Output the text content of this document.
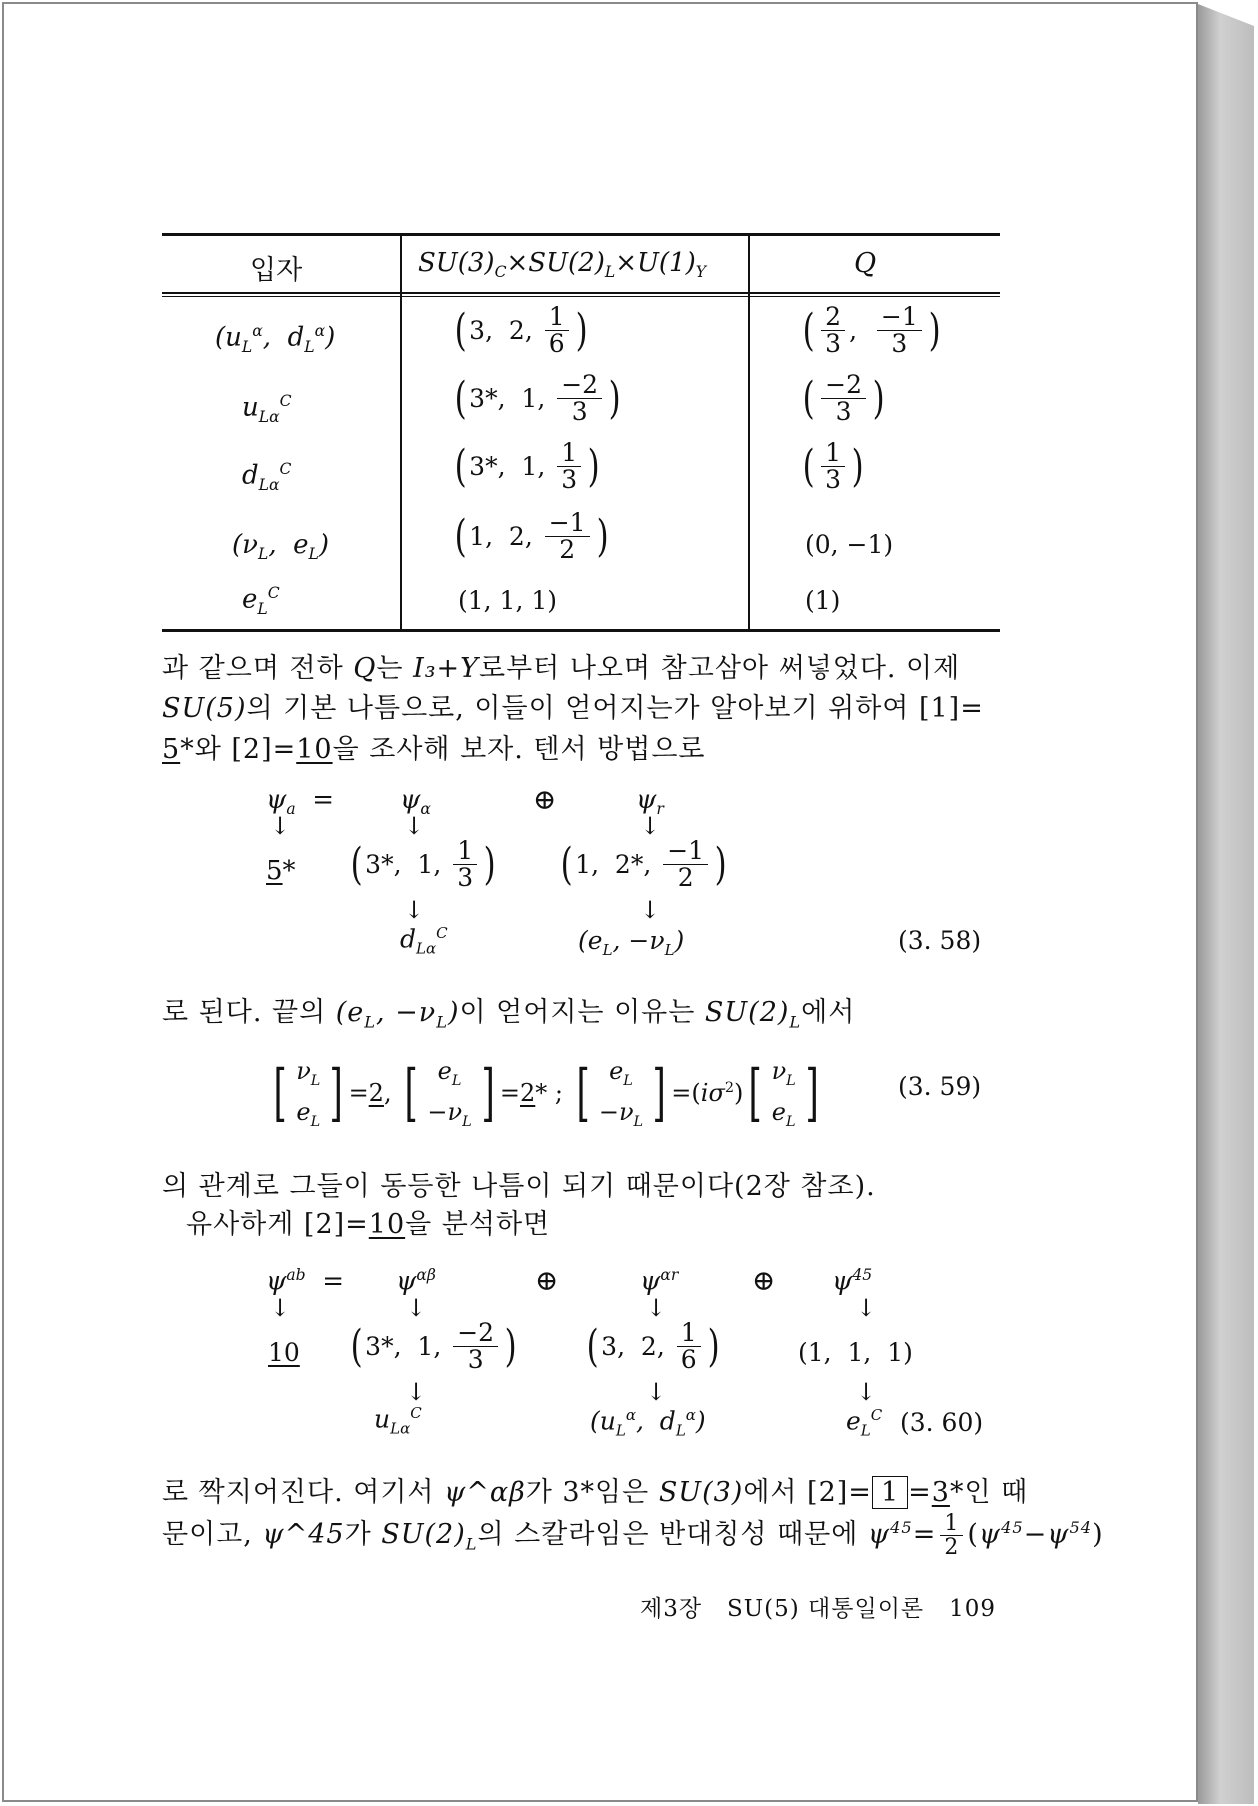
입자	$SU(3)_C\times SU(2)_L\times U(1)_Y$	Q
($u_L^\alpha$,  $d_L^\alpha$)	( 3 , 2 , $\frac{1}{6}$ )	( $\frac{2}{3}$ , $\frac{-1}{3}$ )
$u_{L\alpha}^C$	( 3* , 1 , $\frac{-2}{3}$ )	( $\frac{-2}{3}$ )
$d_{L\alpha}^C$	( 3* , 1 , $\frac{1}{3}$ )	( $\frac{1}{3}$ )
($\nu_L$,  $e_L$)	( 1 , 2 , $\frac{-1}{2}$ )	(0, −1)
$e_L^C$	(1, 1, 1)	(1)
과 같으며 전하 Q는 I₃+Y로부터 나오며 참고삼아 써넣었다. 이제
SU(5)의 기본 나틈으로, 이들이 얻어지는가 알아보기 위하여 [1]=
5*와 [2]=10을 조사해 보자. 텐서 방법으로
$\psi_a$  =	$\psi_\alpha$	⊕	$\psi_r$
↓	↓	↓
5* ( 3*,  1, $\frac{1}{3}$ ) ( 1,  2*, $\frac{-1}{2}$ )
↓	↓
$d_{L\alpha}^C$	($e_L$, $-\nu_L$)	(3. 58)
로 된다. 끝의 ($e_L$, $-\nu_L$)이 얻어지는 이유는 $SU(2)_L$에서
[ $\nu_L$
$e_L$ ] =2, [ $e_L$
$-\nu_L$ ] =2* ; [ $e_L$
$-\nu_L$ ] $=(i\sigma^2)$ [ $\nu_L$
$e_L$ ]	(3. 59)
의 관계로 그들이 동등한 나틈이 되기 때문이다(2장 참조).
유사하게 [2]=10을 분석하면
$\psi^{ab} = \psi^{\alpha\beta}$	⊕	$\psi^{\alpha r}$	⊕ $\psi^{45}$
↓	↓	↓	↓
10 ( 3*,  1, $\frac{-2}{3}$ ) ( 3,  2, $\frac{1}{6}$ )	(1,  1,  1)
↓	↓	↓
$u_{L\alpha}^C$	($u_L^\alpha$,  $d_L^\alpha$)	$e_L^C$ (3. 60)
로 짝지어진다. 여기서 ψ^αβ가 3*임은 SU(3)에서 [2]= 1 =3*인 때
문이고, ψ^45가 $SU(2)_L$의 스칼라임은 반대칭성 때문에 $\psi^{45}= \frac{1}{2} (\psi^{45}-\psi^{54})$
제3장 SU(5) 대통일이론 109
